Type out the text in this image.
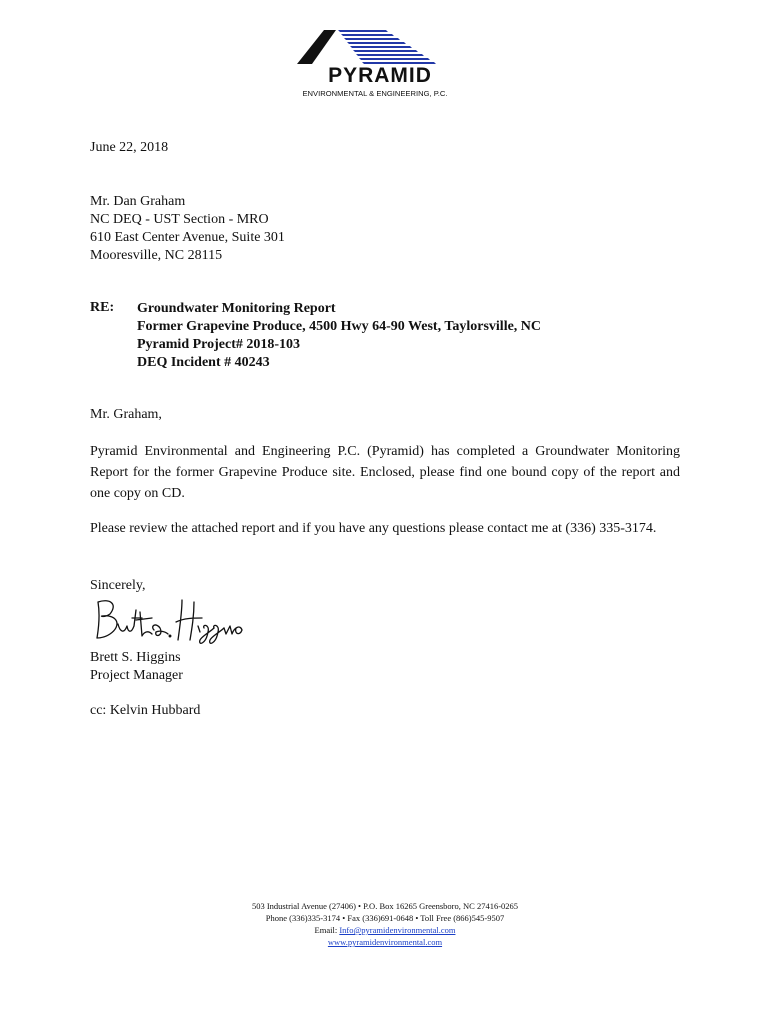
PYRAMID
ENVIRONMENTAL & ENGINEERING, P.C.
June 22, 2018
Mr. Dan Graham
NC DEQ - UST Section - MRO
610 East Center Avenue, Suite 301
Mooresville, NC 28115
RE: Groundwater Monitoring Report
Former Grapevine Produce, 4500 Hwy 64-90 West, Taylorsville, NC
Pyramid Project# 2018-103
DEQ Incident # 40243
Mr. Graham,
Pyramid Environmental and Engineering P.C. (Pyramid) has completed a Groundwater Monitoring Report for the former Grapevine Produce site. Enclosed, please find one bound copy of the report and one copy on CD.
Please review the attached report and if you have any questions please contact me at (336) 335-3174.
Sincerely,
Brett S. Higgins
Project Manager
cc: Kelvin Hubbard
503 Industrial Avenue (27406) • P.O. Box 16265 Greensboro, NC 27416-0265
Phone (336)335-3174 • Fax (336)691-0648 • Toll Free (866)545-9507
Email: Info@pyramidenvironmental.com
www.pyramidenvironmental.com
